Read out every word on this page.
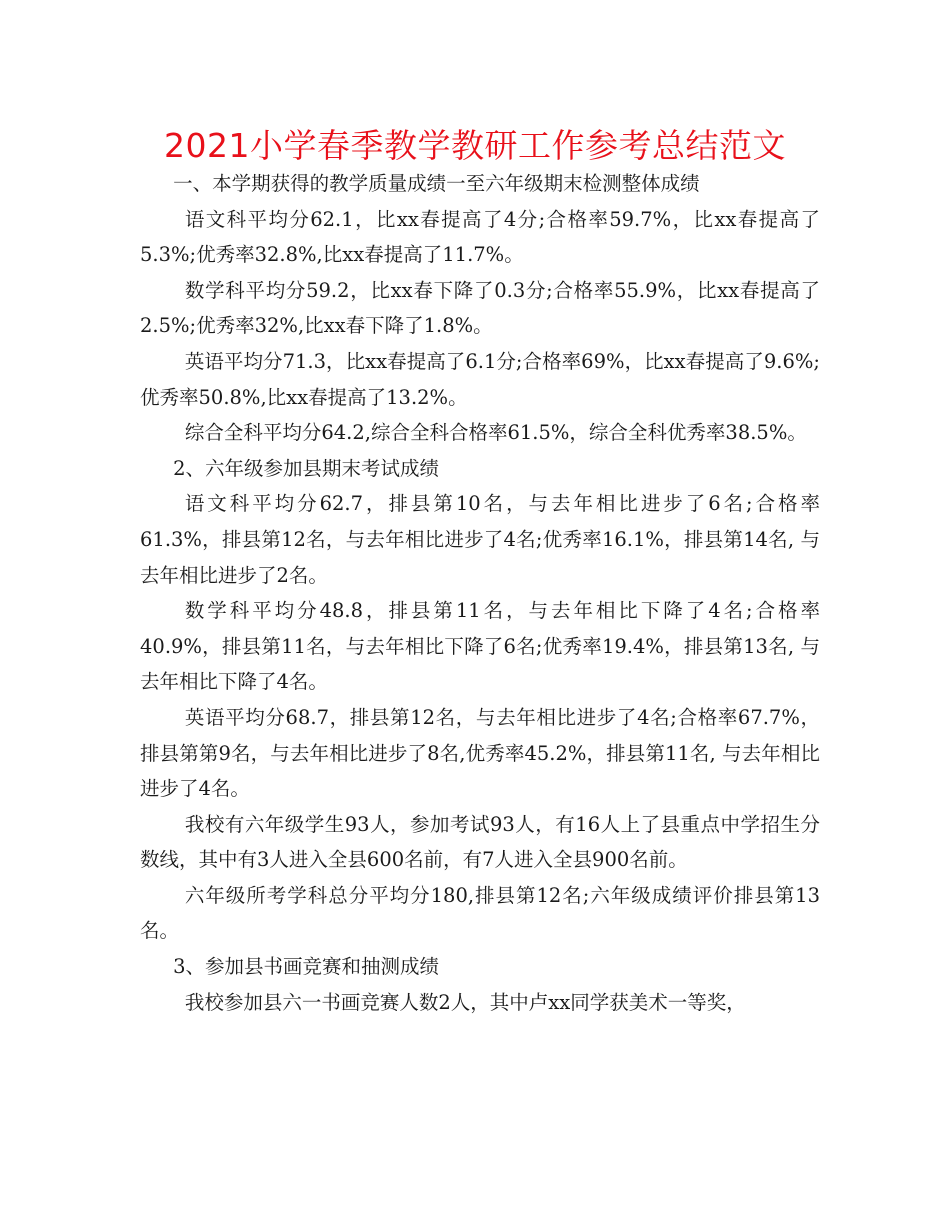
2021小学春季教学教研工作参考总结范文

一、本学期获得的教学质量成绩一至六年级期末检测整体成绩

语文科平均分62.1，比xx春提高了4分;合格率59.7%，比xx春提高了5.3%;优秀率32.8%,比xx春提高了11.7%。

数学科平均分59.2，比xx春下降了0.3分;合格率55.9%，比xx春提高了2.5%;优秀率32%,比xx春下降了1.8%。

英语平均分71.3，比xx春提高了6.1分;合格率69%，比xx春提高了9.6%;优秀率50.8%,比xx春提高了13.2%。

综合全科平均分64.2,综合全科合格率61.5%，综合全科优秀率38.5%。

2、六年级参加县期末考试成绩

语文科平均分62.7，排县第10名，与去年相比进步了6名;合格率61.3%，排县第12名，与去年相比进步了4名;优秀率16.1%，排县第14名, 与去年相比进步了2名。

数学科平均分48.8，排县第11名，与去年相比下降了4名;合格率40.9%，排县第11名，与去年相比下降了6名;优秀率19.4%，排县第13名, 与去年相比下降了4名。

英语平均分68.7，排县第12名，与去年相比进步了4名;合格率67.7%，排县第第9名，与去年相比进步了8名,优秀率45.2%，排县第11名, 与去年相比进步了4名。

我校有六年级学生93人，参加考试93人，有16人上了县重点中学招生分数线，其中有3人进入全县600名前，有7人进入全县900名前。

六年级所考学科总分平均分180,排县第12名;六年级成绩评价排县第13名。

3、参加县书画竞赛和抽测成绩

我校参加县六一书画竞赛人数2人，其中卢xx同学获美术一等奖，
